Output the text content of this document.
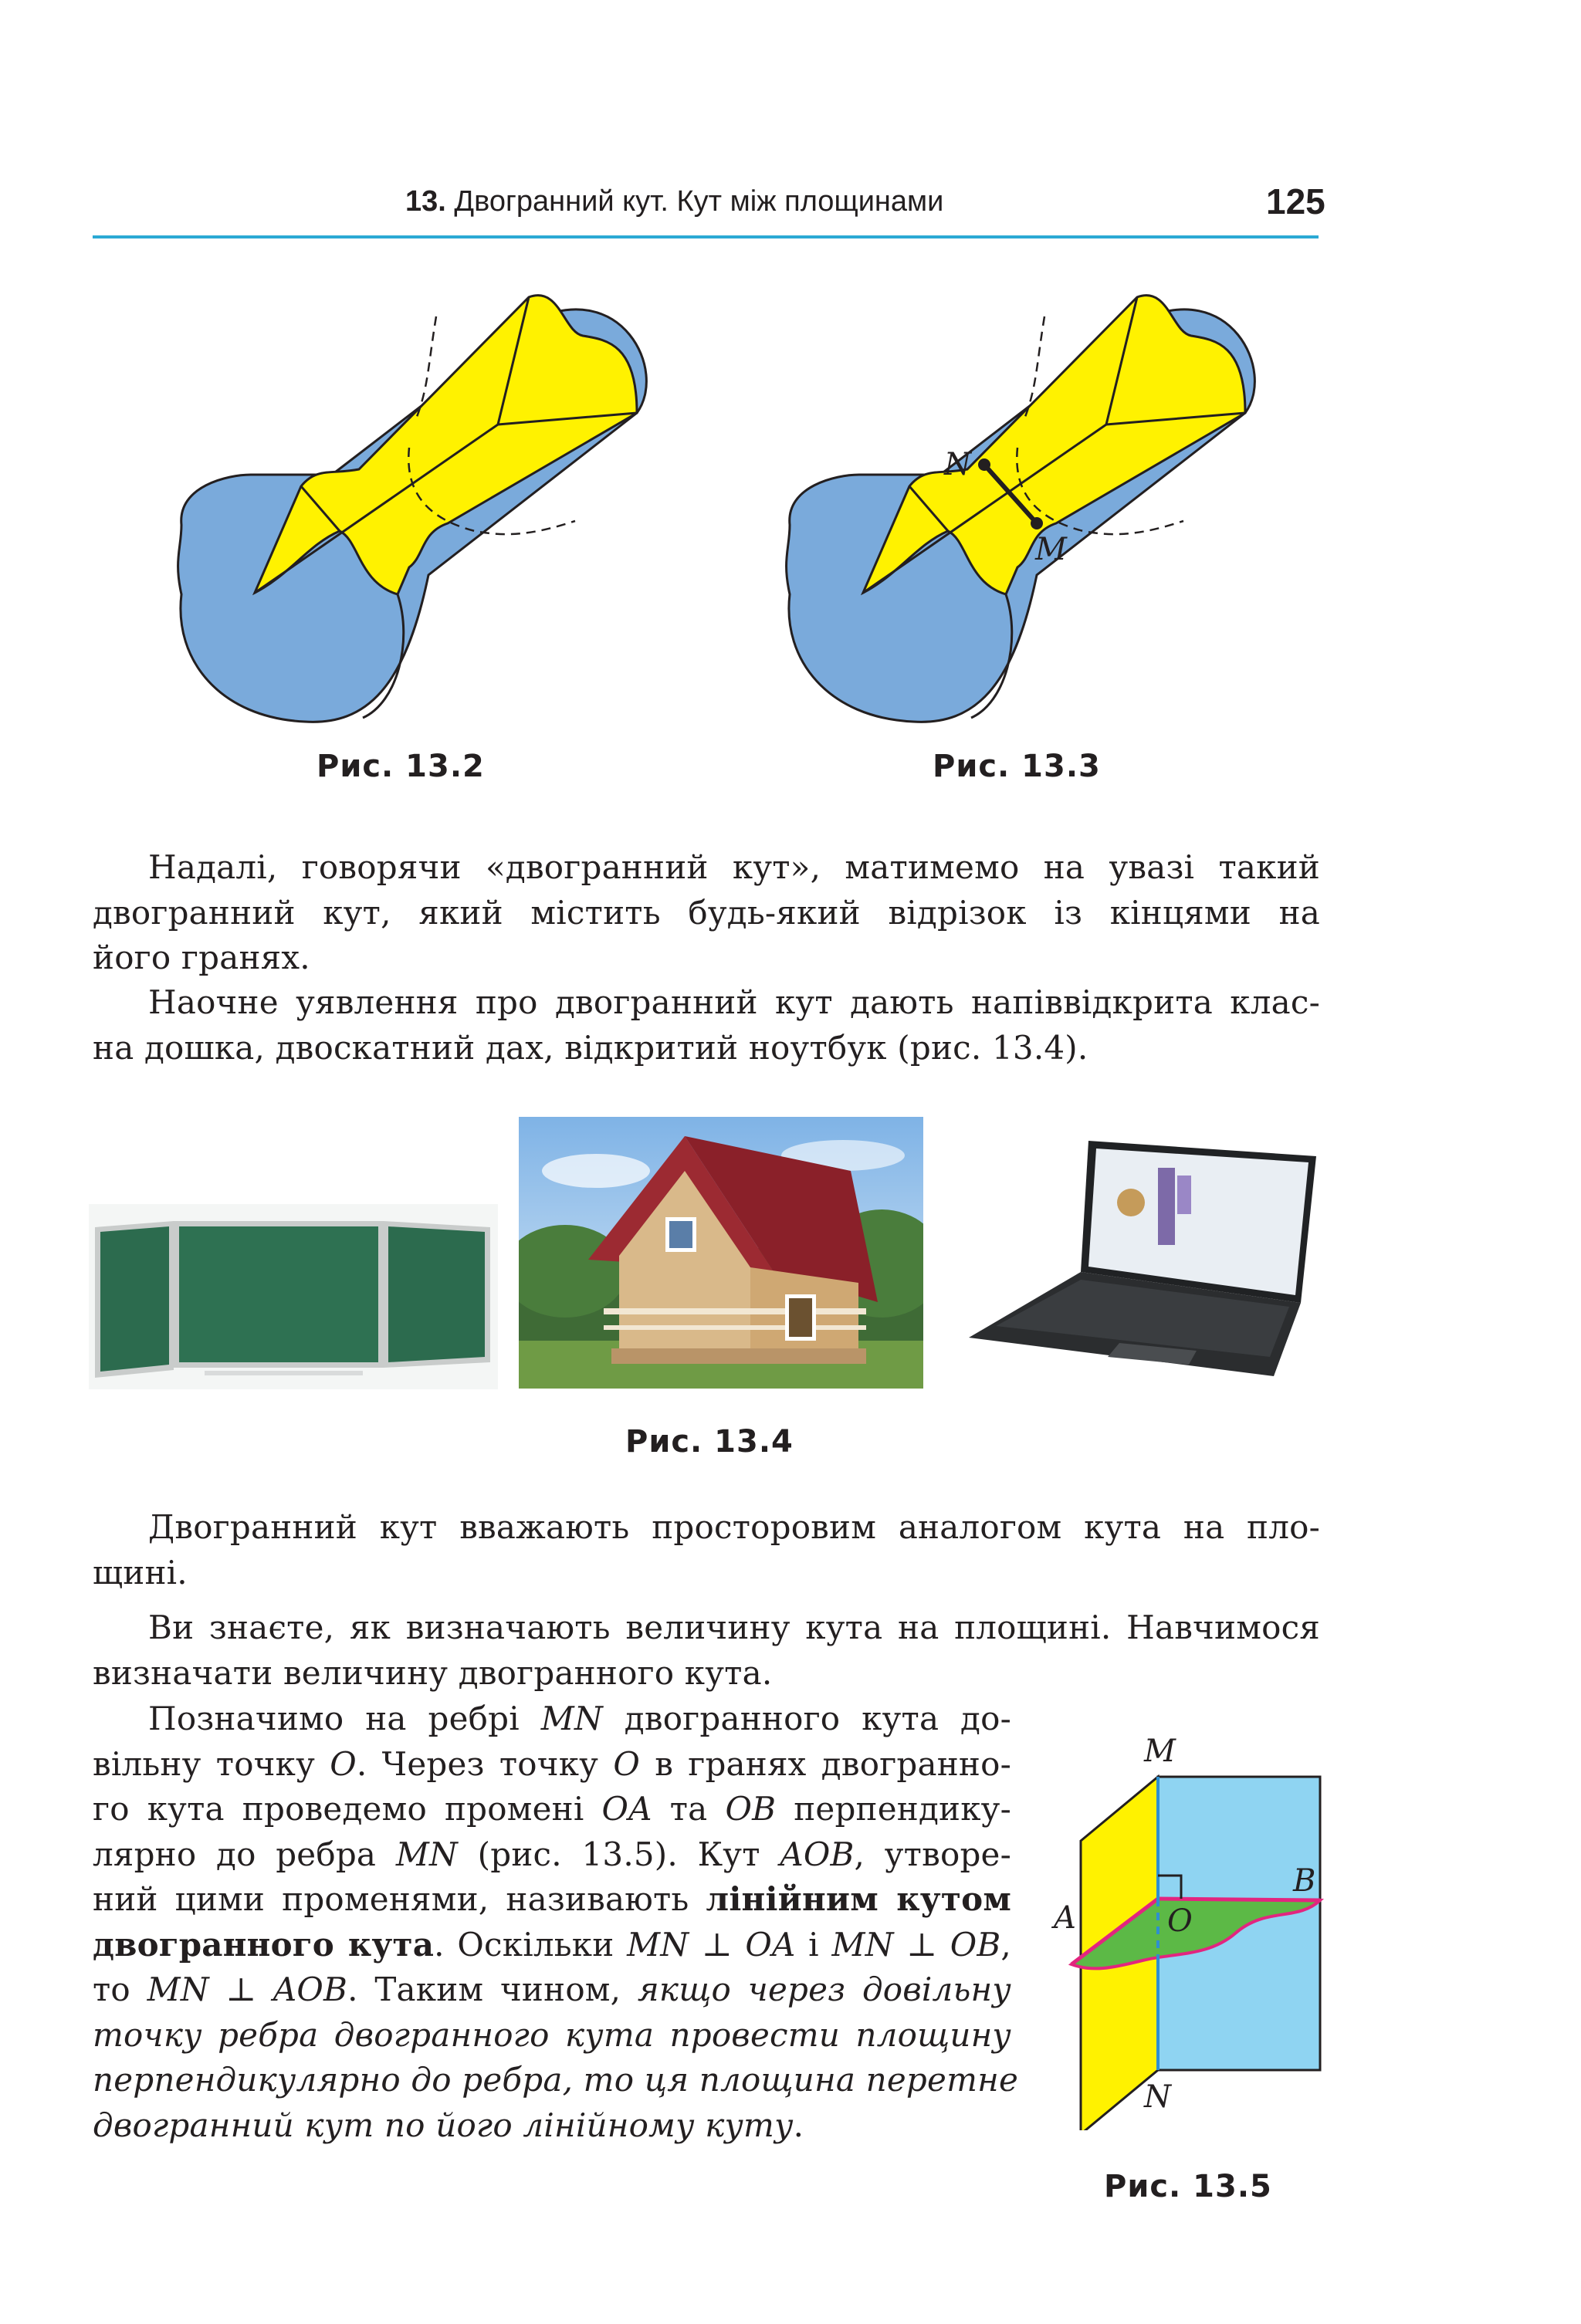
13. Двогранний кут. Кут між площинами	125
Рис. 13.2
N
M
Рис. 13.3
Надалі, говорячи «двогранний кут», матимемо на увазі такий
двогранний кут, який містить будь-який відрізок із кінцями на
його гранях.
Наочне уявлення про двогранний кут дають напіввідкрита клас-
на дошка, двоскатний дах, відкритий ноутбук (рис. 13.4).
Рис. 13.4
Двогранний кут вважають просторовим аналогом кута на пло-
щині.
Ви знаєте, як визначають величину кута на площині. Навчимося
визначати величину двогранного кута.
Позначимо на ребрі MN двогранного кута до-
вільну точку O. Через точку O в гранях двогранно-
го кута проведемо промені OA та OB перпендику-
лярно до ребра MN (рис. 13.5). Кут AOB, утворе-
ний цими променями, називають лінійним кутом
двогранного кута. Оскільки MN ⊥ OA і MN ⊥ OB,
то MN ⊥ AOB. Таким чином, якщо через довільну
точку ребра двогранного кута провести площину
перпендикулярно до ребра, то ця площина перетне
двогранний кут по його лінійному куту.
M
N
A
B
O
Рис. 13.5
